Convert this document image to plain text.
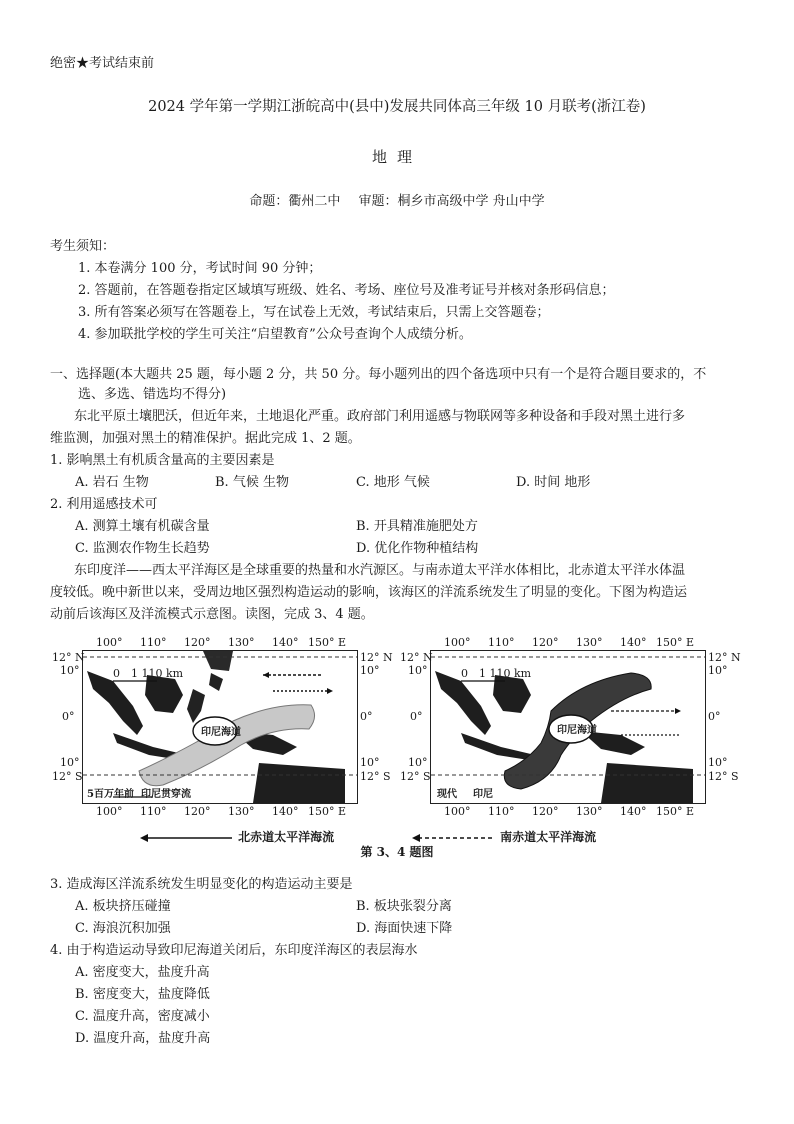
绝密★考试结束前
2024 学年第一学期江浙皖高中(县中)发展共同体高三年级 10 月联考(浙江卷)
地理
命题：衢州二中 审题：桐乡市高级中学 舟山中学
考生须知：
1. 本卷满分 100 分，考试时间 90 分钟；
2. 答题前，在答题卷指定区域填写班级、姓名、考场、座位号及准考证号并核对条形码信息；
3. 所有答案必须写在答题卷上，写在试卷上无效，考试结束后，只需上交答题卷；
4. 参加联批学校的学生可关注“启望教育”公众号查询个人成绩分析。
一、选择题(本大题共 25 题，每小题 2 分，共 50 分。每小题列出的四个备选项中只有一个是符合题目要求的，不
选、多选、错选均不得分)
东北平原土壤肥沃，但近年来，土地退化严重。政府部门利用遥感与物联网等多种设备和手段对黑土进行多
维监测，加强对黑土的精准保护。据此完成 1、2 题。
1. 影响黑土有机质含量高的主要因素是
A. 岩石 生物	B. 气候 生物	C. 地形 气候	D. 时间 地形
2. 利用遥感技术可
A. 测算土壤有机碳含量	B. 开具精准施肥处方
C. 监测农作物生长趋势	D. 优化作物种植结构
东印度洋——西太平洋海区是全球重要的热量和水汽源区。与南赤道太平洋水体相比，北赤道太平洋水体温
度较低。晚中新世以来，受周边地区强烈构造运动的影响，该海区的洋流系统发生了明显的变化。下图为构造运
动前后该海区及洋流模式示意图。读图，完成 3、4 题。
印尼海道
0 1 110 km
5百万年前 印尼贯穿流
100° 110° 120° 130° 140° 150° E
100° 110° 120° 130° 140° 150° E
12° N
10°
0°
10°
12° S
12° N
10°
0°
10°
12° S
印尼海道
0 1 110 km
现代 印尼
100° 110° 120° 130° 140° 150° E
100° 110° 120° 130° 140° 150° E
12° N
10°
0°
10°
12° S
12° N
10°
0°
10°
12° S
北赤道太平洋海流	南赤道太平洋海流
第 3、4 题图
3. 造成海区洋流系统发生明显变化的构造运动主要是
A. 板块挤压碰撞	B. 板块张裂分离
C. 海浪沉积加强	D. 海面快速下降
4. 由于构造运动导致印尼海道关闭后，东印度洋海区的表层海水
A. 密度变大，盐度升高
B. 密度变大，盐度降低
C. 温度升高，密度减小
D. 温度升高，盐度升高
